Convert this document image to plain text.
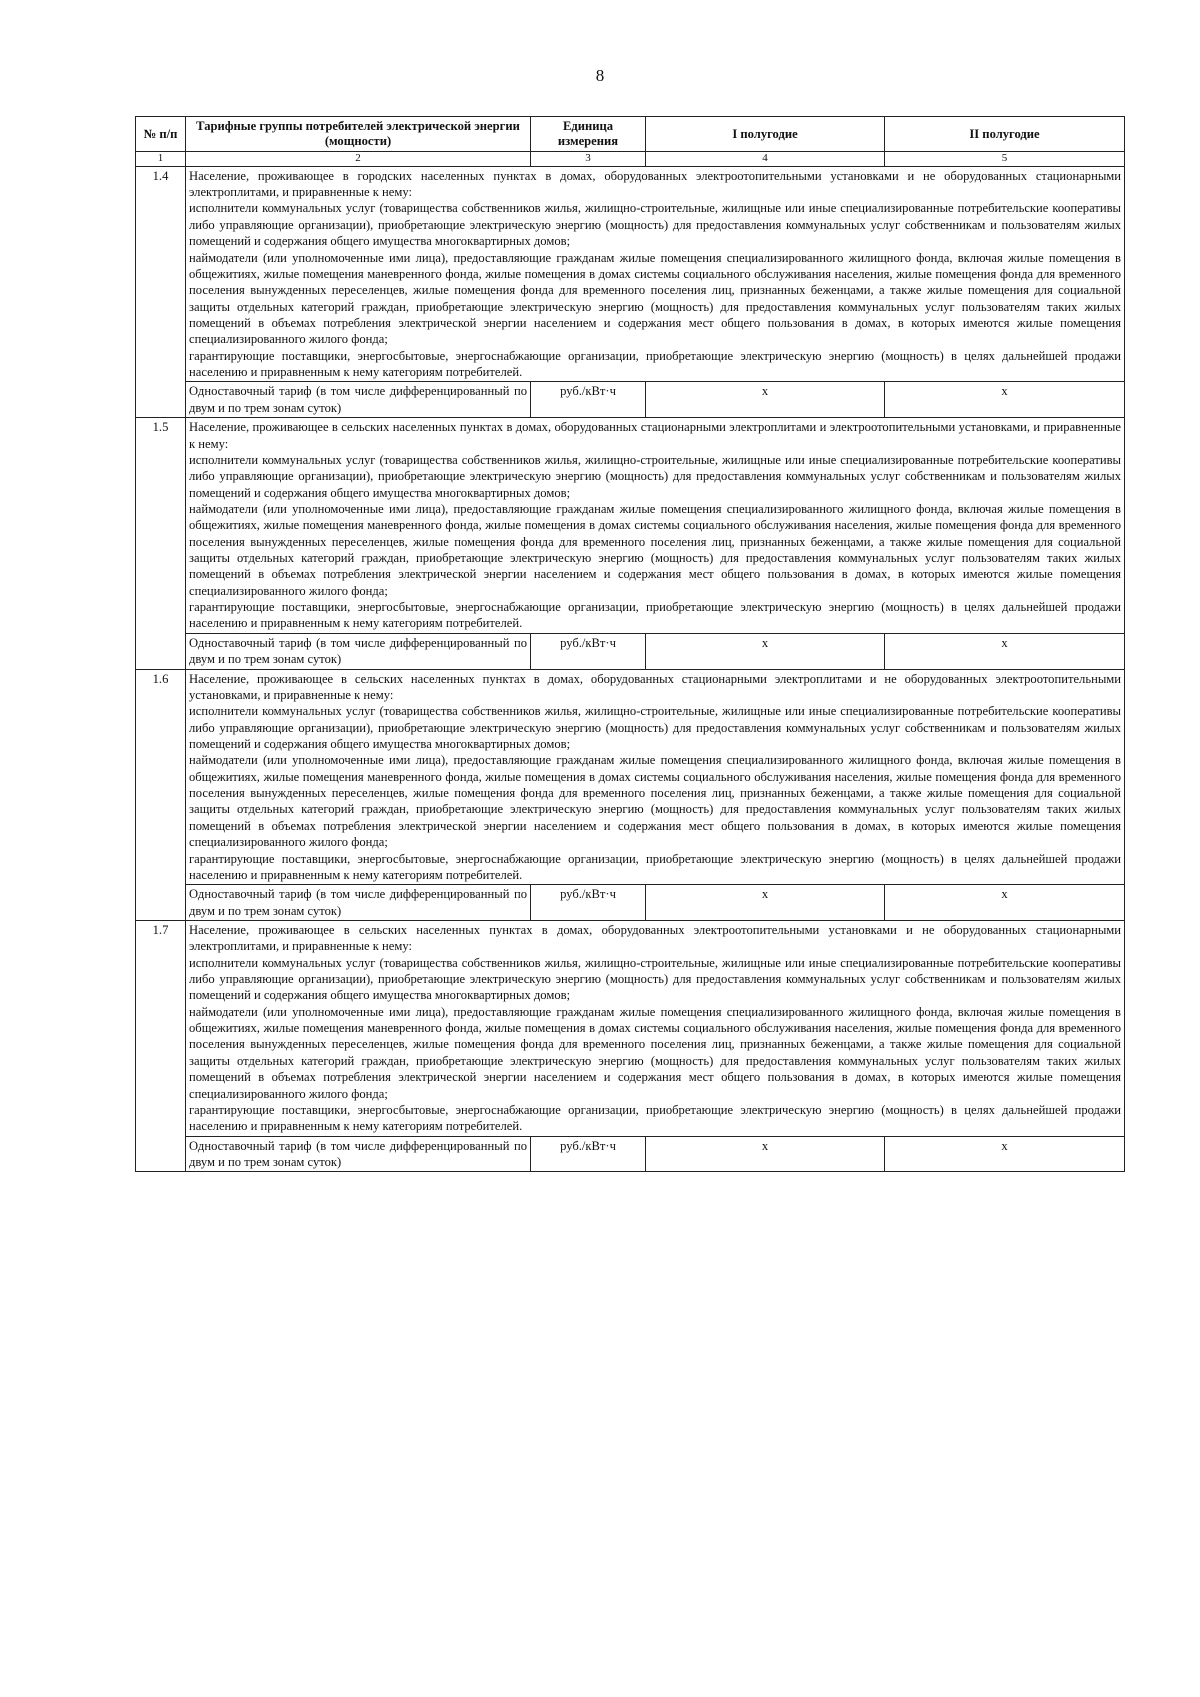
8
№ п/п	Тарифные группы потребителей электрической энергии (мощности)	Единица измерения	I полугодие	II полугодие
1	2	3	4	5
1.4	Население, проживающее в городских населенных пунктах в домах, оборудованных электроотопительными установками и не оборудованных стационарными электроплитами, и приравненные к нему:
исполнители коммунальных услуг (товарищества собственников жилья, жилищно-строительные, жилищные или иные специализированные потребительские кооперативы либо управляющие организации), приобретающие электрическую энергию (мощность) для предоставления коммунальных услуг собственникам и пользователям жилых помещений и содержания общего имущества многоквартирных домов;
наймодатели (или уполномоченные ими лица), предоставляющие гражданам жилые помещения специализированного жилищного фонда, включая жилые помещения в общежитиях, жилые помещения маневренного фонда, жилые помещения в домах системы социального обслуживания населения, жилые помещения фонда для временного поселения вынужденных переселенцев, жилые помещения фонда для временного поселения лиц, признанных беженцами, а также жилые помещения для социальной защиты отдельных категорий граждан, приобретающие электрическую энергию (мощность) для предоставления коммунальных услуг пользователям таких жилых помещений в объемах потребления электрической энергии населением и содержания мест общего пользования в домах, в которых имеются жилые помещения специализированного жилого фонда;
гарантирующие поставщики, энергосбытовые, энергоснабжающие организации, приобретающие электрическую энергию (мощность) в целях дальнейшей продажи населению и приравненным к нему категориям потребителей.			

	Одноставочный тариф (в том числе дифференцированный по двум и по трем зонам суток)	руб./кВт·ч	х	х
1.5	Население, проживающее в сельских населенных пунктах в домах, оборудованных стационарными электроплитами и электроотопительными установками, и приравненные к нему:
исполнители коммунальных услуг (товарищества собственников жилья, жилищно-строительные, жилищные или иные специализированные потребительские кооперативы либо управляющие организации), приобретающие электрическую энергию (мощность) для предоставления коммунальных услуг собственникам и пользователям жилых помещений и содержания общего имущества многоквартирных домов;
наймодатели (или уполномоченные ими лица), предоставляющие гражданам жилые помещения специализированного жилищного фонда, включая жилые помещения в общежитиях, жилые помещения маневренного фонда, жилые помещения в домах системы социального обслуживания населения, жилые помещения фонда для временного поселения вынужденных переселенцев, жилые помещения фонда для временного поселения лиц, признанных беженцами, а также жилые помещения для социальной защиты отдельных категорий граждан, приобретающие электрическую энергию (мощность) для предоставления коммунальных услуг пользователям таких жилых помещений в объемах потребления электрической энергии населением и содержания мест общего пользования в домах, в которых имеются жилые помещения специализированного жилого фонда;
гарантирующие поставщики, энергосбытовые, энергоснабжающие организации, приобретающие электрическую энергию (мощность) в целях дальнейшей продажи населению и приравненным к нему категориям потребителей.			

	Одноставочный тариф (в том числе дифференцированный по двум и по трем зонам суток)	руб./кВт·ч	х	х
1.6	Население, проживающее в сельских населенных пунктах в домах, оборудованных стационарными электроплитами и не оборудованных электроотопительными установками, и приравненные к нему:
исполнители коммунальных услуг (товарищества собственников жилья, жилищно-строительные, жилищные или иные специализированные потребительские кооперативы либо управляющие организации), приобретающие электрическую энергию (мощность) для предоставления коммунальных услуг собственникам и пользователям жилых помещений и содержания общего имущества многоквартирных домов;
наймодатели (или уполномоченные ими лица), предоставляющие гражданам жилые помещения специализированного жилищного фонда, включая жилые помещения в общежитиях, жилые помещения маневренного фонда, жилые помещения в домах системы социального обслуживания населения, жилые помещения фонда для временного поселения вынужденных переселенцев, жилые помещения фонда для временного поселения лиц, признанных беженцами, а также жилые помещения для социальной защиты отдельных категорий граждан, приобретающие электрическую энергию (мощность) для предоставления коммунальных услуг пользователям таких жилых помещений в объемах потребления электрической энергии населением и содержания мест общего пользования в домах, в которых имеются жилые помещения специализированного жилого фонда;
гарантирующие поставщики, энергосбытовые, энергоснабжающие организации, приобретающие электрическую энергию (мощность) в целях дальнейшей продажи населению и приравненным к нему категориям потребителей.			

	Одноставочный тариф (в том числе дифференцированный по двум и по трем зонам суток)	руб./кВт·ч	х	х
1.7	Население, проживающее в сельских населенных пунктах в домах, оборудованных электроотопительными установками и не оборудованных стационарными электроплитами, и приравненные к нему:
исполнители коммунальных услуг (товарищества собственников жилья, жилищно-строительные, жилищные или иные специализированные потребительские кооперативы либо управляющие организации), приобретающие электрическую энергию (мощность) для предоставления коммунальных услуг собственникам и пользователям жилых помещений и содержания общего имущества многоквартирных домов;
наймодатели (или уполномоченные ими лица), предоставляющие гражданам жилые помещения специализированного жилищного фонда, включая жилые помещения в общежитиях, жилые помещения маневренного фонда, жилые помещения в домах системы социального обслуживания населения, жилые помещения фонда для временного поселения вынужденных переселенцев, жилые помещения фонда для временного поселения лиц, признанных беженцами, а также жилые помещения для социальной защиты отдельных категорий граждан, приобретающие электрическую энергию (мощность) для предоставления коммунальных услуг пользователям таких жилых помещений в объемах потребления электрической энергии населением и содержания мест общего пользования в домах, в которых имеются жилые помещения специализированного жилого фонда;
гарантирующие поставщики, энергосбытовые, энергоснабжающие организации, приобретающие электрическую энергию (мощность) в целях дальнейшей продажи населению и приравненным к нему категориям потребителей.			

	Одноставочный тариф (в том числе дифференцированный по двум и по трем зонам суток)	руб./кВт·ч	х	х
